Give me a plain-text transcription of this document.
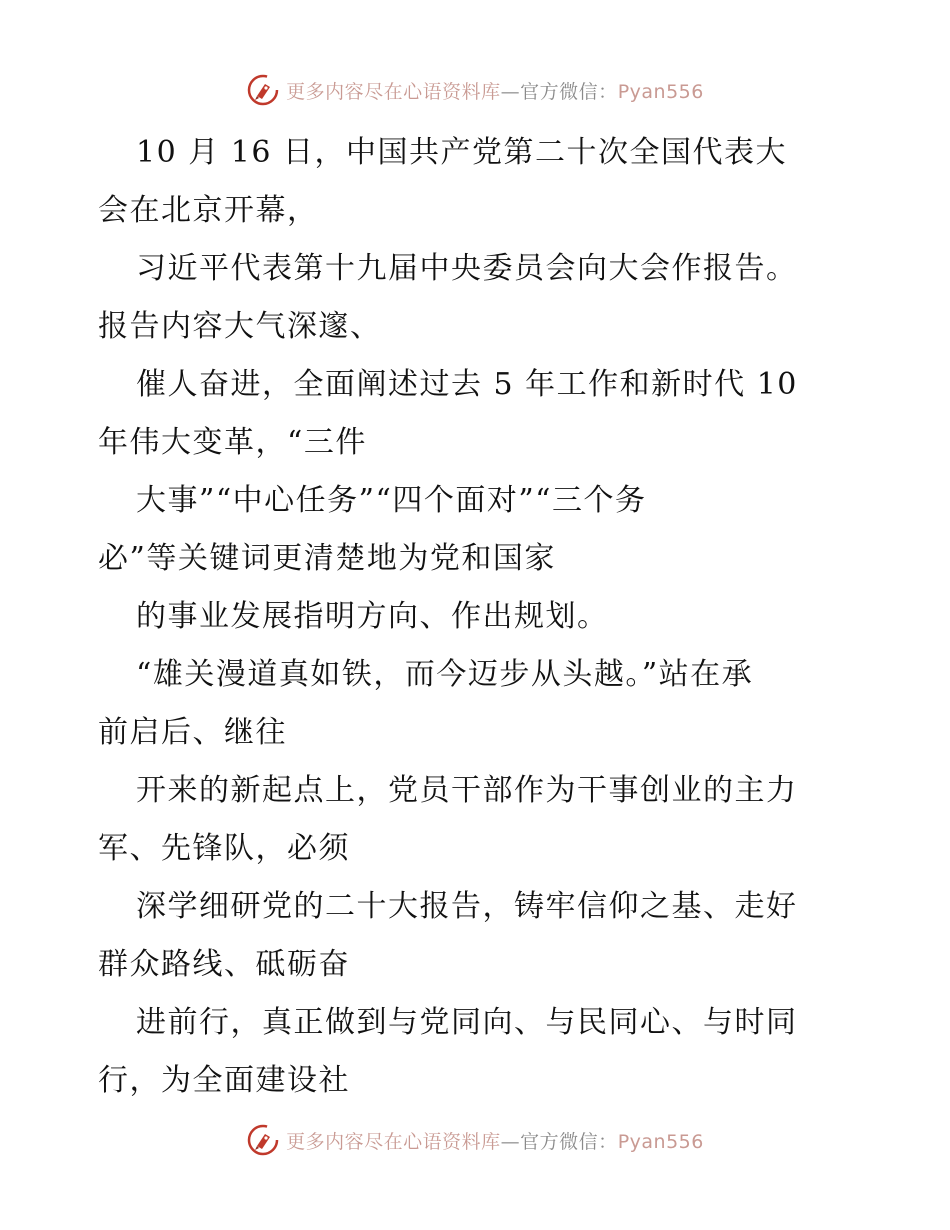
更多内容尽在心语资料库—官方微信：Pyan556
10 月 16 日，中国共产党第二十次全国代表大
会在北京开幕，
习近平代表第十九届中央委员会向大会作报告。
报告内容大气深邃、
催人奋进，全面阐述过去 5 年工作和新时代 10
年伟大变革，“三件
大事”“中心任务”“四个面对”“三个务
必”等关键词更清楚地为党和国家
的事业发展指明方向、作出规划。
“雄关漫道真如铁，而今迈步从头越。”站在承
前启后、继往
开来的新起点上，党员干部作为干事创业的主力
军、先锋队，必须
深学细研党的二十大报告，铸牢信仰之基、走好
群众路线、砥砺奋
进前行，真正做到与党同向、与民同心、与时同
行，为全面建设社
更多内容尽在心语资料库—官方微信：Pyan556
